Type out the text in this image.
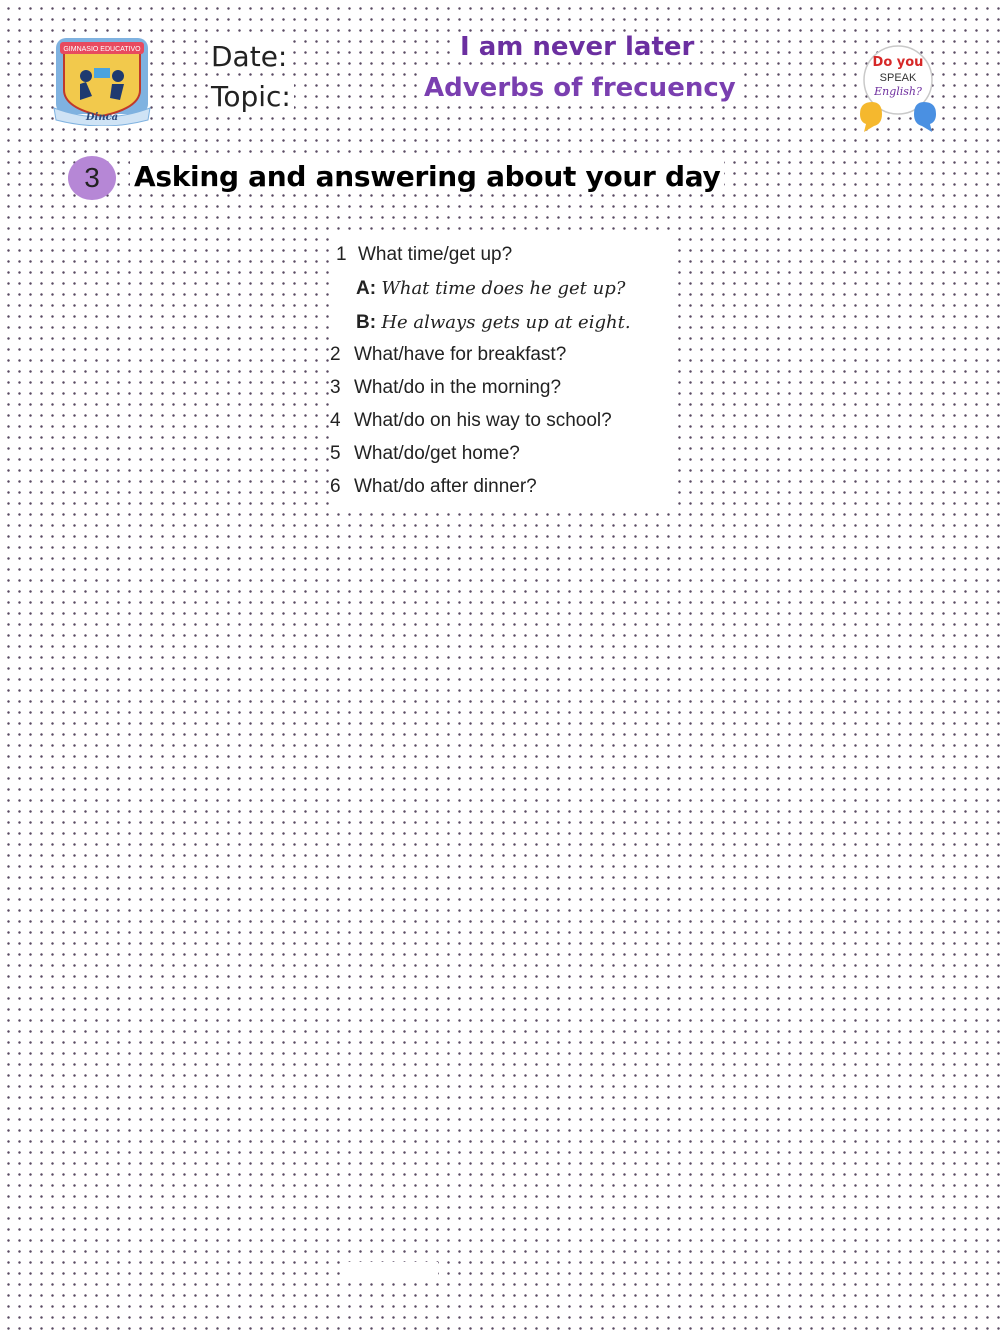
GIMNASIO EDUCATIVO
Dinca
Date:
Topic:
I am never later
Adverbs of frecuency
Do you
SPEAK
English?
3	Asking and answering about your day
1 What time/get up?
A: What time does he get up?
B: He always gets up at eight.
2 What/have for breakfast?
3 What/do in the morning?
4 What/do on his way to school?
5 What/do/get home?
6 What/do after dinner?
